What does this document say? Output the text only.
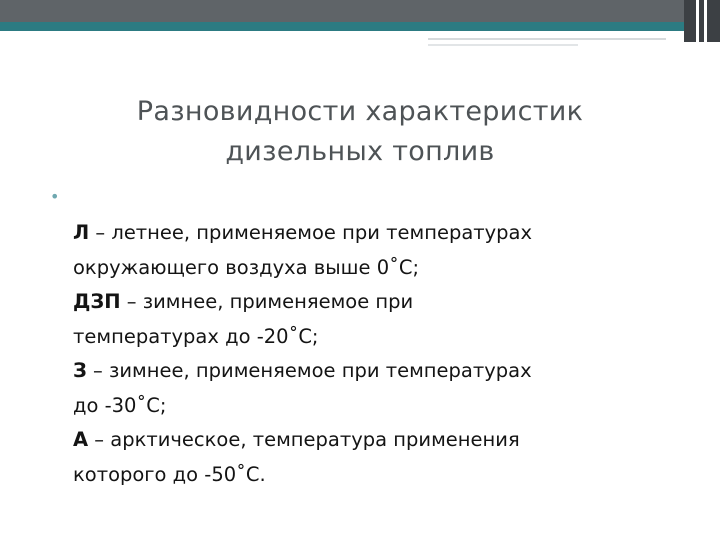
Разновидности характеристик
дизельных топлив
•
Л – летнее, применяемое при температурах
окружающего воздуха выше 0˚С;
ДЗП – зимнее, применяемое при
температурах до -20˚С;
З – зимнее, применяемое при температурах
до -30˚С;
А – арктическое, температура применения
которого до -50˚С.
